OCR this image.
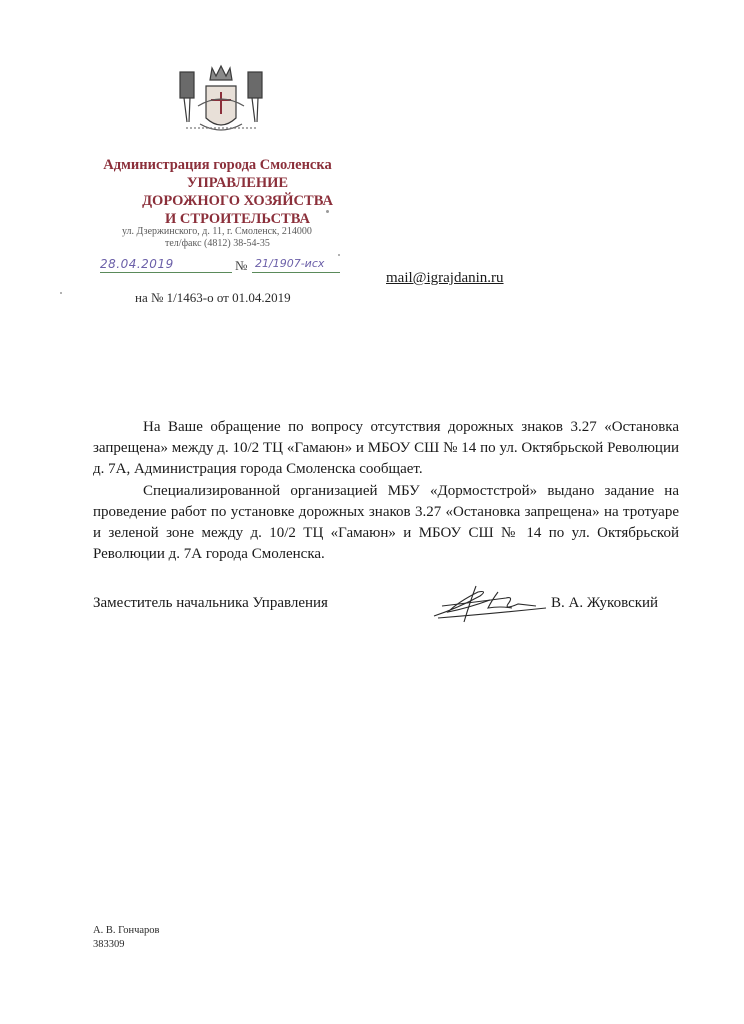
Администрация города Смоленска
УПРАВЛЕНИЕ
ДОРОЖНОГО ХОЗЯЙСТВА
И СТРОИТЕЛЬСТВА
ул. Дзержинского, д. 11, г. Смоленск, 214000
тел/факс (4812) 38-54-35
28.04.2019	№ 21/1907-исх
на № 1/1463-о от 01.04.2019
mail@igrajdanin.ru

На Ваше обращение по вопросу отсутствия дорожных знаков 3.27 «Остановка запрещена» между д. 10/2 ТЦ «Гамаюн» и МБОУ СШ № 14 по ул. Октябрьской Революции д. 7А, Администрация города Смоленска сообщает.

Специализированной организацией МБУ «Дормостстрой» выдано задание на проведение работ по установке дорожных знаков 3.27 «Остановка запрещена» на тротуаре и зеленой зоне между д. 10/2 ТЦ «Гамаюн» и МБОУ СШ № 14 по ул. Октябрьской Революции д. 7А города Смоленска.

Заместитель начальника Управления	В. А. Жуковский
А. В. Гончаров
383309
